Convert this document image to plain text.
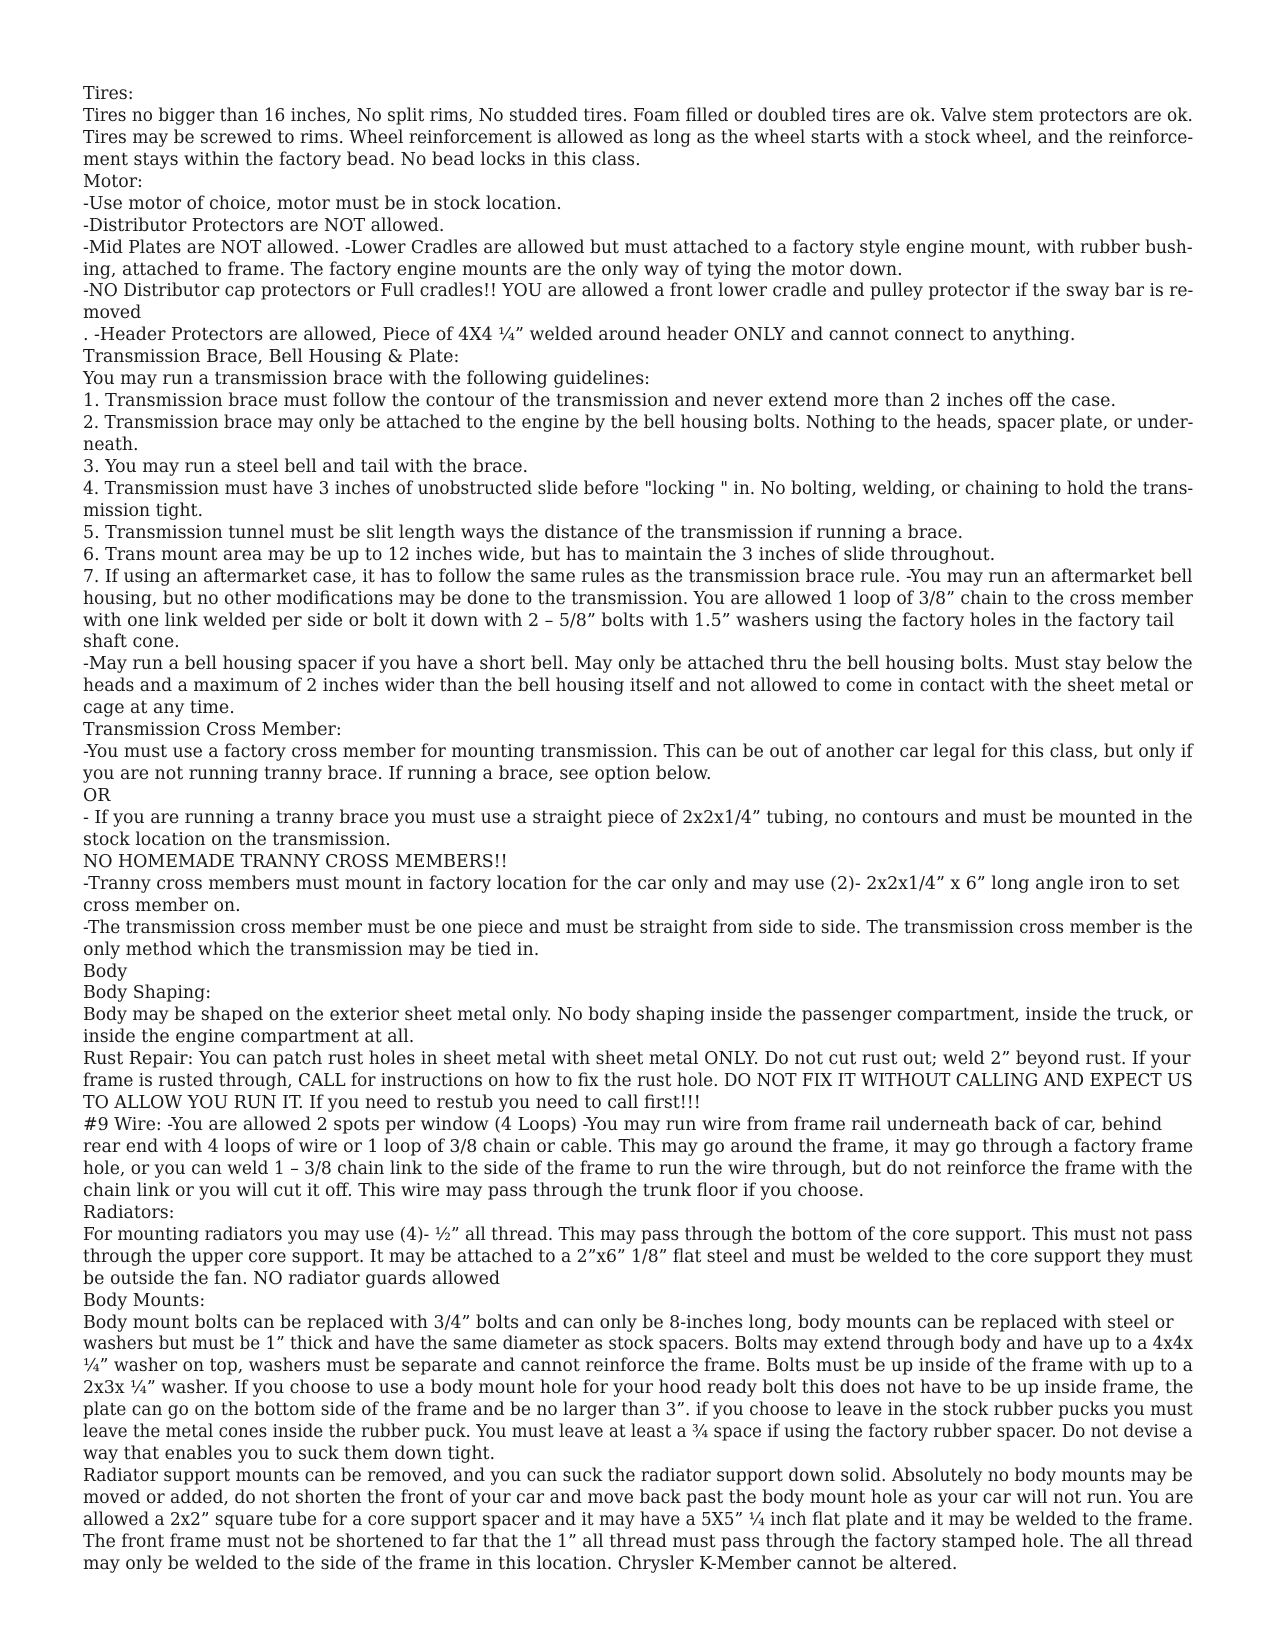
Tires:
Tires no bigger than 16 inches, No split rims, No studded tires. Foam filled or doubled tires are ok. Valve stem protectors are ok.
Tires may be screwed to rims. Wheel reinforcement is allowed as long as the wheel starts with a stock wheel, and the reinforce-
ment stays within the factory bead. No bead locks in this class.
Motor:
-Use motor of choice, motor must be in stock location.
-Distributor Protectors are NOT allowed.
-Mid Plates are NOT allowed. -Lower Cradles are allowed but must attached to a factory style engine mount, with rubber bush-
ing, attached to frame. The factory engine mounts are the only way of tying the motor down.
-NO Distributor cap protectors or Full cradles!! YOU are allowed a front lower cradle and pulley protector if the sway bar is re-
moved
. -Header Protectors are allowed, Piece of 4X4 ¼” welded around header ONLY and cannot connect to anything.
Transmission Brace, Bell Housing & Plate:
You may run a transmission brace with the following guidelines:
1. Transmission brace must follow the contour of the transmission and never extend more than 2 inches off the case.
2. Transmission brace may only be attached to the engine by the bell housing bolts. Nothing to the heads, spacer plate, or under-
neath.
3. You may run a steel bell and tail with the brace.
4. Transmission must have 3 inches of unobstructed slide before "locking " in. No bolting, welding, or chaining to hold the trans-
mission tight.
5. Transmission tunnel must be slit length ways the distance of the transmission if running a brace.
6. Trans mount area may be up to 12 inches wide, but has to maintain the 3 inches of slide throughout.
7. If using an aftermarket case, it has to follow the same rules as the transmission brace rule. -You may run an aftermarket bell
housing, but no other modifications may be done to the transmission. You are allowed 1 loop of 3/8” chain to the cross member
with one link welded per side or bolt it down with 2 – 5/8” bolts with 1.5” washers using the factory holes in the factory tail
shaft cone.
-May run a bell housing spacer if you have a short bell. May only be attached thru the bell housing bolts. Must stay below the
heads and a maximum of 2 inches wider than the bell housing itself and not allowed to come in contact with the sheet metal or
cage at any time.
Transmission Cross Member:
-You must use a factory cross member for mounting transmission. This can be out of another car legal for this class, but only if
you are not running tranny brace. If running a brace, see option below.
OR
- If you are running a tranny brace you must use a straight piece of 2x2x1/4” tubing, no contours and must be mounted in the
stock location on the transmission.
NO HOMEMADE TRANNY CROSS MEMBERS!!
-Tranny cross members must mount in factory location for the car only and may use (2)- 2x2x1/4” x 6” long angle iron to set
cross member on.
-The transmission cross member must be one piece and must be straight from side to side. The transmission cross member is the
only method which the transmission may be tied in.
Body
Body Shaping:
Body may be shaped on the exterior sheet metal only. No body shaping inside the passenger compartment, inside the truck, or
inside the engine compartment at all.
Rust Repair: You can patch rust holes in sheet metal with sheet metal ONLY. Do not cut rust out; weld 2” beyond rust. If your
frame is rusted through, CALL for instructions on how to fix the rust hole. DO NOT FIX IT WITHOUT CALLING AND EXPECT US
TO ALLOW YOU RUN IT. If you need to restub you need to call first!!!
#9 Wire: -You are allowed 2 spots per window (4 Loops) -You may run wire from frame rail underneath back of car, behind
rear end with 4 loops of wire or 1 loop of 3/8 chain or cable. This may go around the frame, it may go through a factory frame
hole, or you can weld 1 – 3/8 chain link to the side of the frame to run the wire through, but do not reinforce the frame with the
chain link or you will cut it off. This wire may pass through the trunk floor if you choose.
Radiators:
For mounting radiators you may use (4)- ½” all thread. This may pass through the bottom of the core support. This must not pass
through the upper core support. It may be attached to a 2”x6” 1/8” flat steel and must be welded to the core support they must
be outside the fan. NO radiator guards allowed
Body Mounts:
Body mount bolts can be replaced with 3/4” bolts and can only be 8-inches long, body mounts can be replaced with steel or
washers but must be 1” thick and have the same diameter as stock spacers. Bolts may extend through body and have up to a 4x4x
¼” washer on top, washers must be separate and cannot reinforce the frame. Bolts must be up inside of the frame with up to a
2x3x ¼” washer. If you choose to use a body mount hole for your hood ready bolt this does not have to be up inside frame, the
plate can go on the bottom side of the frame and be no larger than 3”. if you choose to leave in the stock rubber pucks you must
leave the metal cones inside the rubber puck. You must leave at least a ¾ space if using the factory rubber spacer. Do not devise a
way that enables you to suck them down tight.
Radiator support mounts can be removed, and you can suck the radiator support down solid. Absolutely no body mounts may be
moved or added, do not shorten the front of your car and move back past the body mount hole as your car will not run. You are
allowed a 2x2” square tube for a core support spacer and it may have a 5X5” ¼ inch flat plate and it may be welded to the frame.
The front frame must not be shortened to far that the 1” all thread must pass through the factory stamped hole. The all thread
may only be welded to the side of the frame in this location. Chrysler K-Member cannot be altered.
